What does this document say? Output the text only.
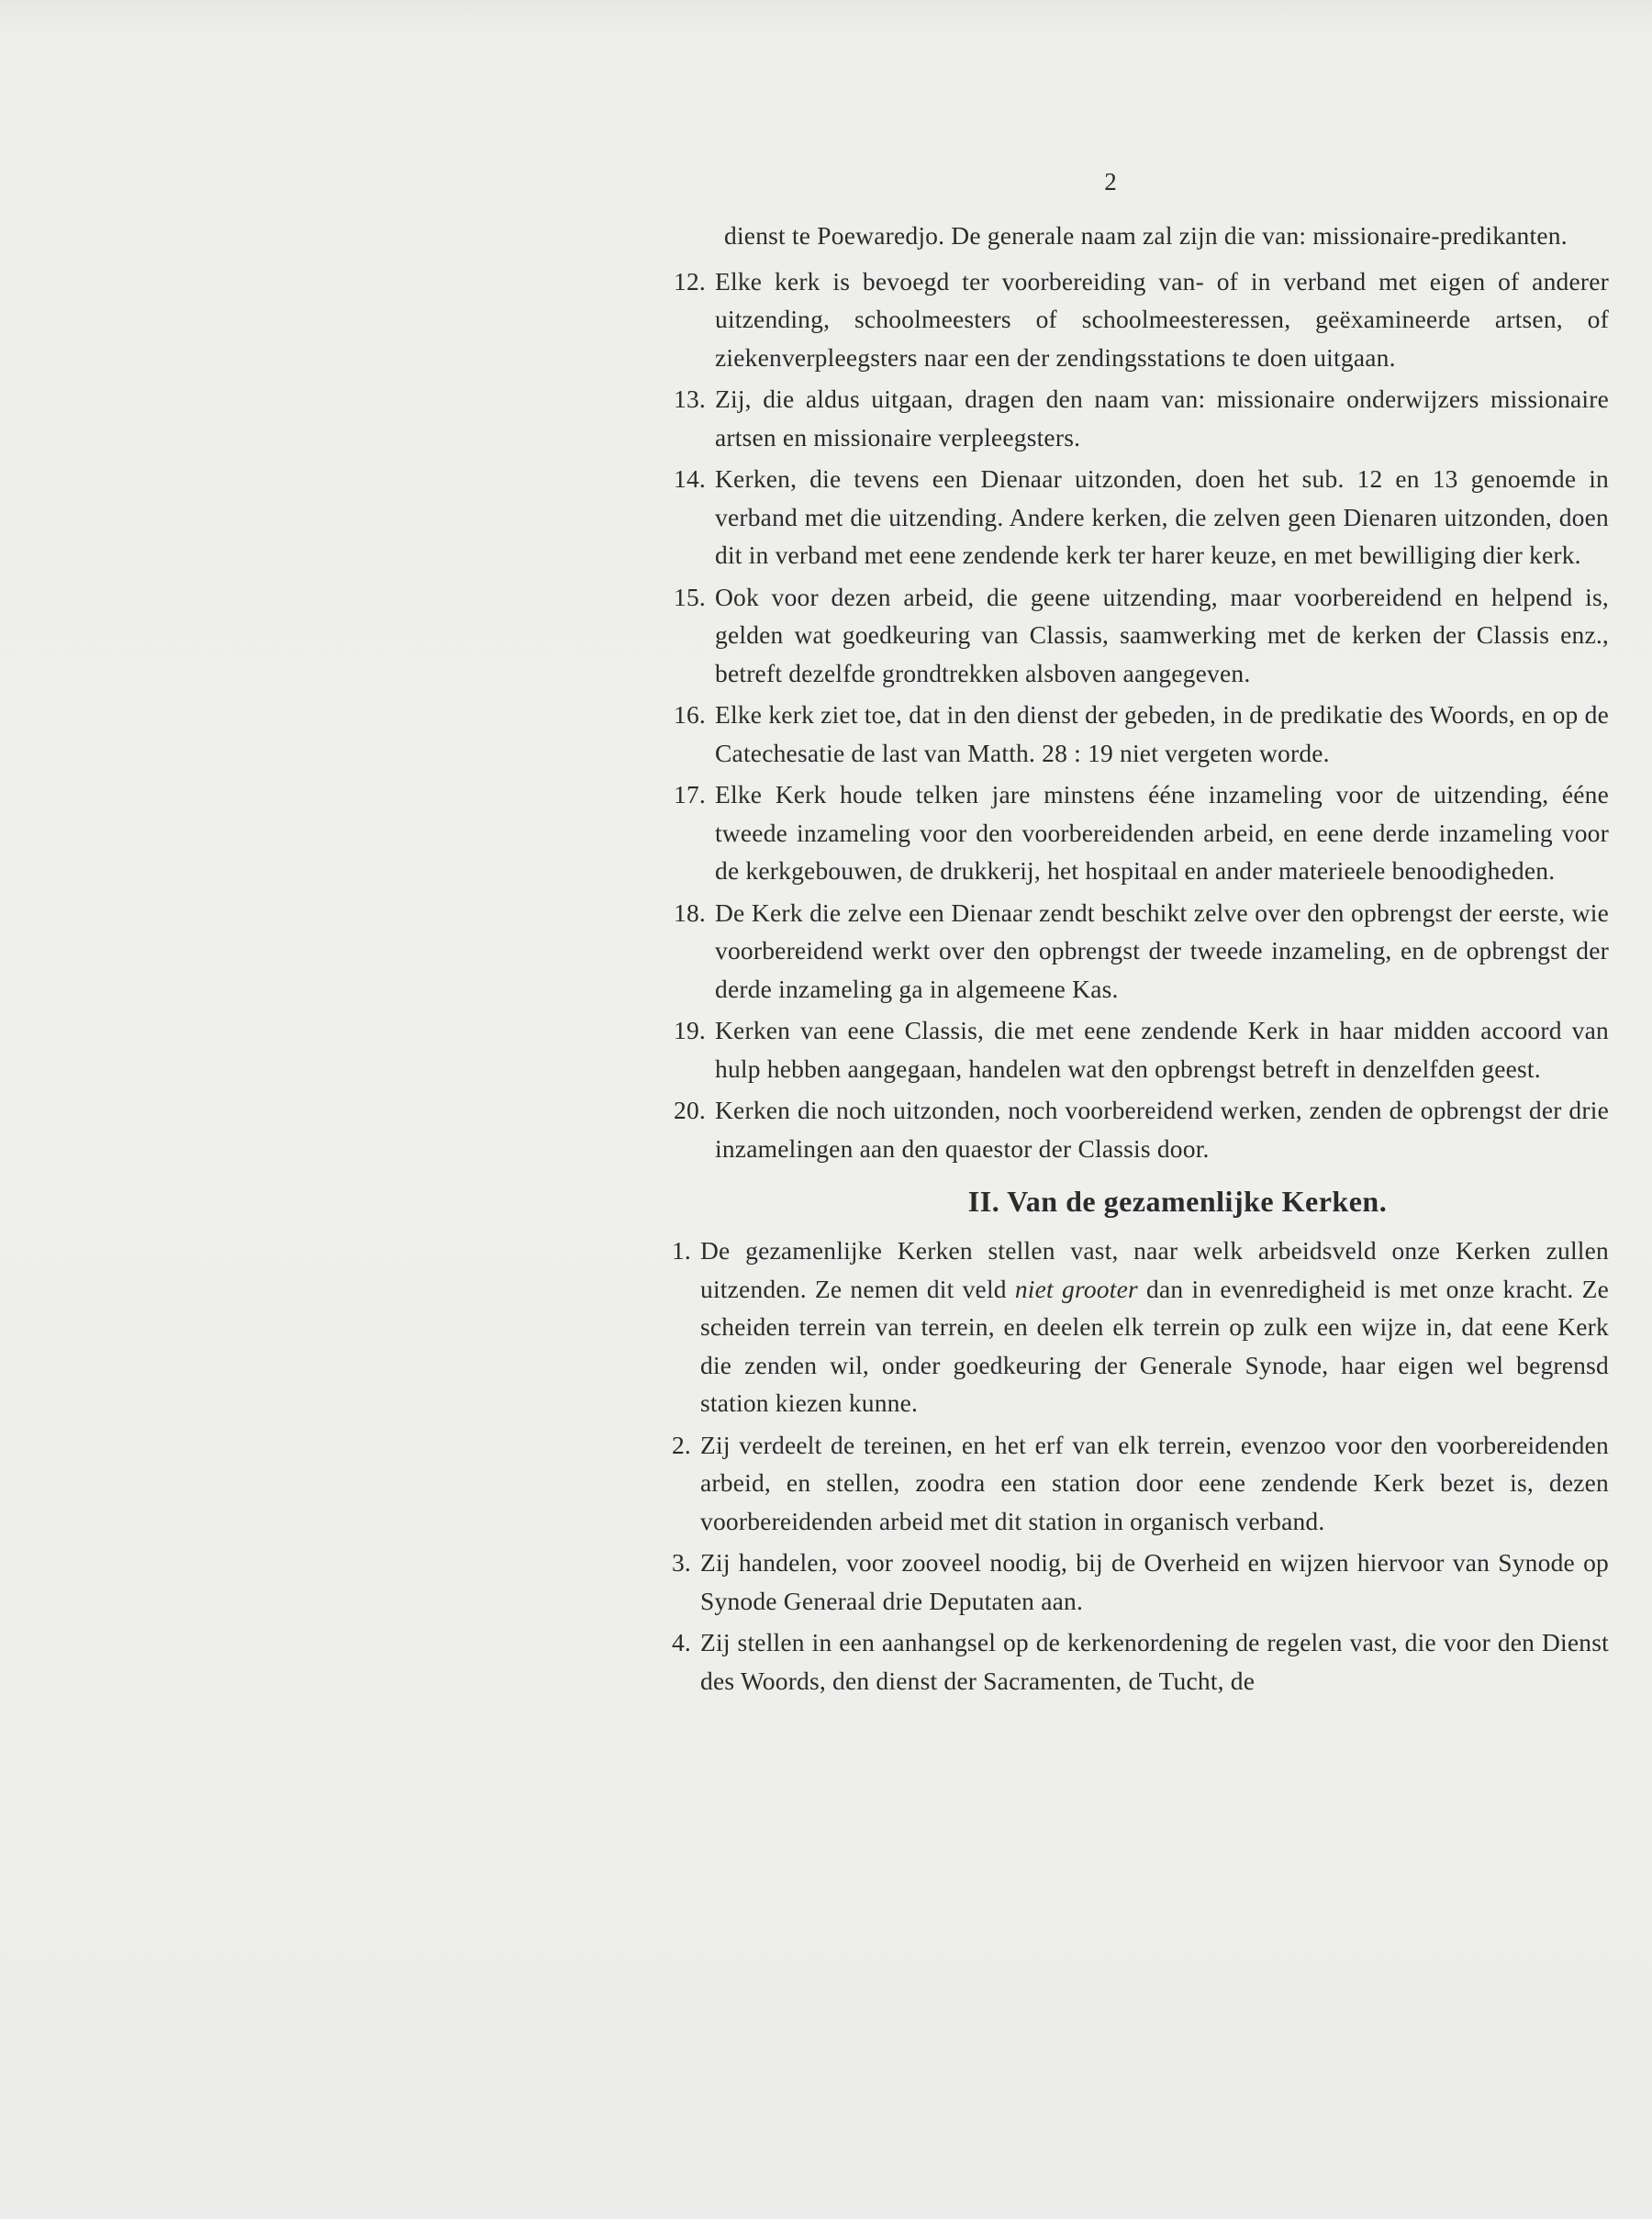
2
dienst te Poewaredjo. De generale naam zal zijn die van: missionaire-predikanten.
12. Elke kerk is bevoegd ter voorbereiding van- of in verband met eigen of anderer uitzending, schoolmeesters of schoolmeesteressen, geëxamineerde artsen, of ziekenverpleegsters naar een der zendingsstations te doen uitgaan.
13. Zij, die aldus uitgaan, dragen den naam van: missionaire onderwijzers missionaire artsen en missionaire verpleegsters.
14. Kerken, die tevens een Dienaar uitzonden, doen het sub. 12 en 13 genoemde in verband met die uitzending. Andere kerken, die zelven geen Dienaren uitzonden, doen dit in verband met eene zendende kerk ter harer keuze, en met bewilliging dier kerk.
15. Ook voor dezen arbeid, die geene uitzending, maar voorbereidend en helpend is, gelden wat goedkeuring van Classis, saamwerking met de kerken der Classis enz., betreft dezelfde grondtrekken alsboven aangegeven.
16. Elke kerk ziet toe, dat in den dienst der gebeden, in de predikatie des Woords, en op de Catechesatie de last van Matth. 28 : 19 niet vergeten worde.
17. Elke Kerk houde telken jare minstens ééne inzameling voor de uitzending, éénе tweede inzameling voor den voorbereidenden arbeid, en eene derde inzameling voor de kerkgebouwen, de drukkerij, het hospitaal en ander materieele benoodigheden.
18. De Kerk die zelve een Dienaar zendt beschikt zelve over den opbrengst der eerste, wie voorbereidend werkt over den opbrengst der tweede inzameling, en de opbrengst der derde inzameling ga in algemeene Kas.
19. Kerken van eene Classis, die met eene zendende Kerk in haar midden accoord van hulp hebben aangegaan, handelen wat den opbrengst betreft in denzelfden geest.
20. Kerken die noch uitzonden, noch voorbereidend werken, zenden de opbrengst der drie inzamelingen aan den quaestor der Classis door.
II. Van de gezamenlijke Kerken.
1. De gezamenlijke Kerken stellen vast, naar welk arbeidsveld onze Kerken zullen uitzenden. Ze nemen dit veld niet grooter dan in evenredigheid is met onze kracht. Ze scheiden terrein van terrein, en deelen elk terrein op zulk een wijze in, dat eene Kerk die zenden wil, onder goedkeuring der Generale Synode, haar eigen wel begrensd station kiezen kunne.
2. Zij verdeelt de tereinen, en het erf van elk terrein, evenzoo voor den voorbereidenden arbeid, en stellen, zoodra een station door eene zendende Kerk bezet is, dezen voorbereidenden arbeid met dit station in organisch verband.
3. Zij handelen, voor zooveel noodig, bij de Overheid en wijzen hiervoor van Synode op Synode Generaal drie Deputaten aan.
4. Zij stellen in een aanhangsel op de kerkenordening de regelen vast, die voor den Dienst des Woords, den dienst der Sacramenten, de Tucht, de
